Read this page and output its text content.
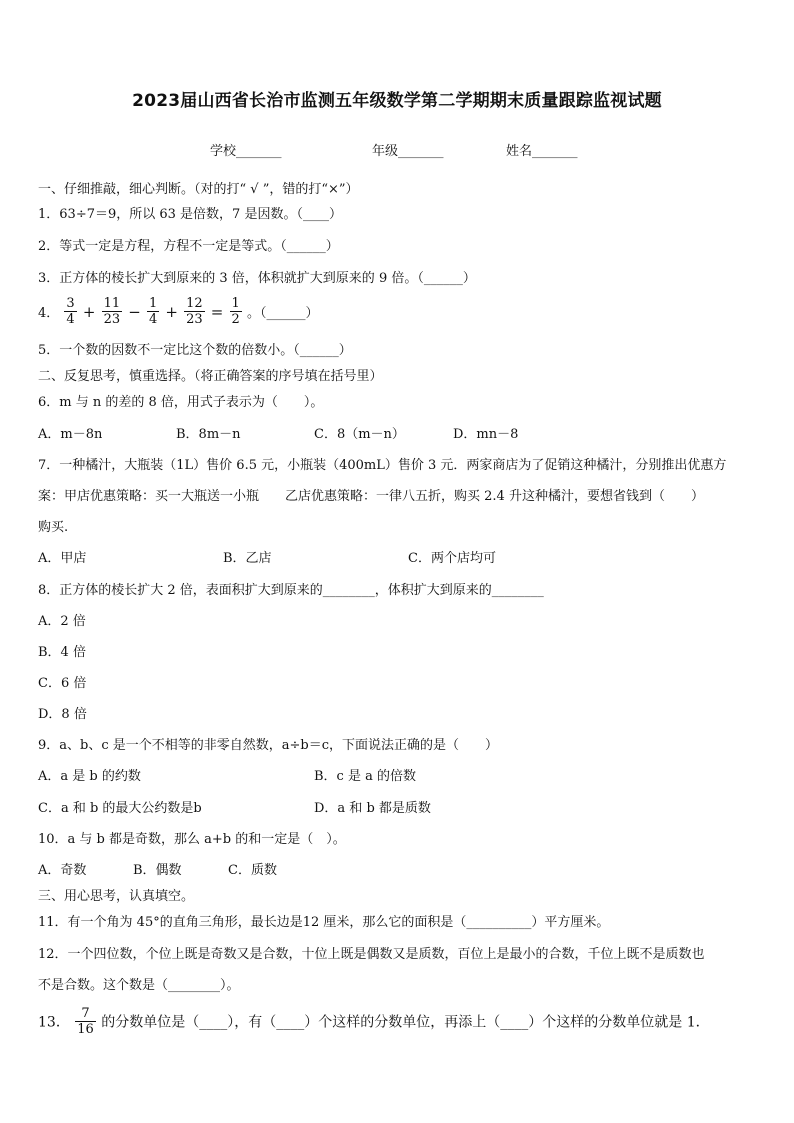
2023届山西省长治市监测五年级数学第二学期期末质量跟踪监视试题
学校_______	年级_______	姓名_______
一、仔细推敲，细心判断。（对的打“ √ ”，错的打“×”）
1．63÷7＝9，所以 63 是倍数，7 是因数。（____）
2．等式一定是方程，方程不一定是等式。（______）
3．正方体的棱长扩大到原来的 3 倍，体积就扩大到原来的 9 倍。（______）
4． $\frac{3}{4} + \frac{11}{23} - \frac{1}{4} + \frac{12}{23} = \frac{1}{2}$ 。（______）
5．一个数的因数不一定比这个数的倍数小。（______）
二、反复思考，慎重选择。（将正确答案的序号填在括号里）
6．m 与 n 的差的 8 倍，用式子表示为（　　）。
A．m－8n	B．8m－n	C．8（m－n）	D．mn－8
7．一种橘汁，大瓶装（1L）售价 6.5 元，小瓶装（400mL）售价 3 元．两家商店为了促销这种橘汁，分别推出优惠方
案：甲店优惠策略：买一大瓶送一小瓶　　乙店优惠策略：一律八五折，购买 2.4 升这种橘汁，要想省钱到（　　）
购买.
A．甲店	B．乙店	C．两个店均可
8．正方体的棱长扩大 2 倍，表面积扩大到原来的________，体积扩大到原来的________
A．2 倍
B．4 倍
C．6 倍
D．8 倍
9．a、b、c 是一个不相等的非零自然数，a÷b＝c，下面说法正确的是（　　）
A．a 是 b 的约数	B．c 是 a 的倍数
C．a 和 b 的最大公约数是b	D．a 和 b 都是质数
10．a 与 b 都是奇数，那么 a+b 的和一定是（　）。
A．奇数	B．偶数	C．质数
三、用心思考，认真填空。
11．有一个角为 45°的直角三角形，最长边是12 厘米，那么它的面积是（__________）平方厘米。
12．一个四位数，个位上既是奇数又是合数，十位上既是偶数又是质数，百位上是最小的合数，千位上既不是质数也
不是合数。这个数是（________）。
13． $\frac{7}{16}$ 的分数单位是（____），有（____）个这样的分数单位，再添上（____）个这样的分数单位就是 1．
